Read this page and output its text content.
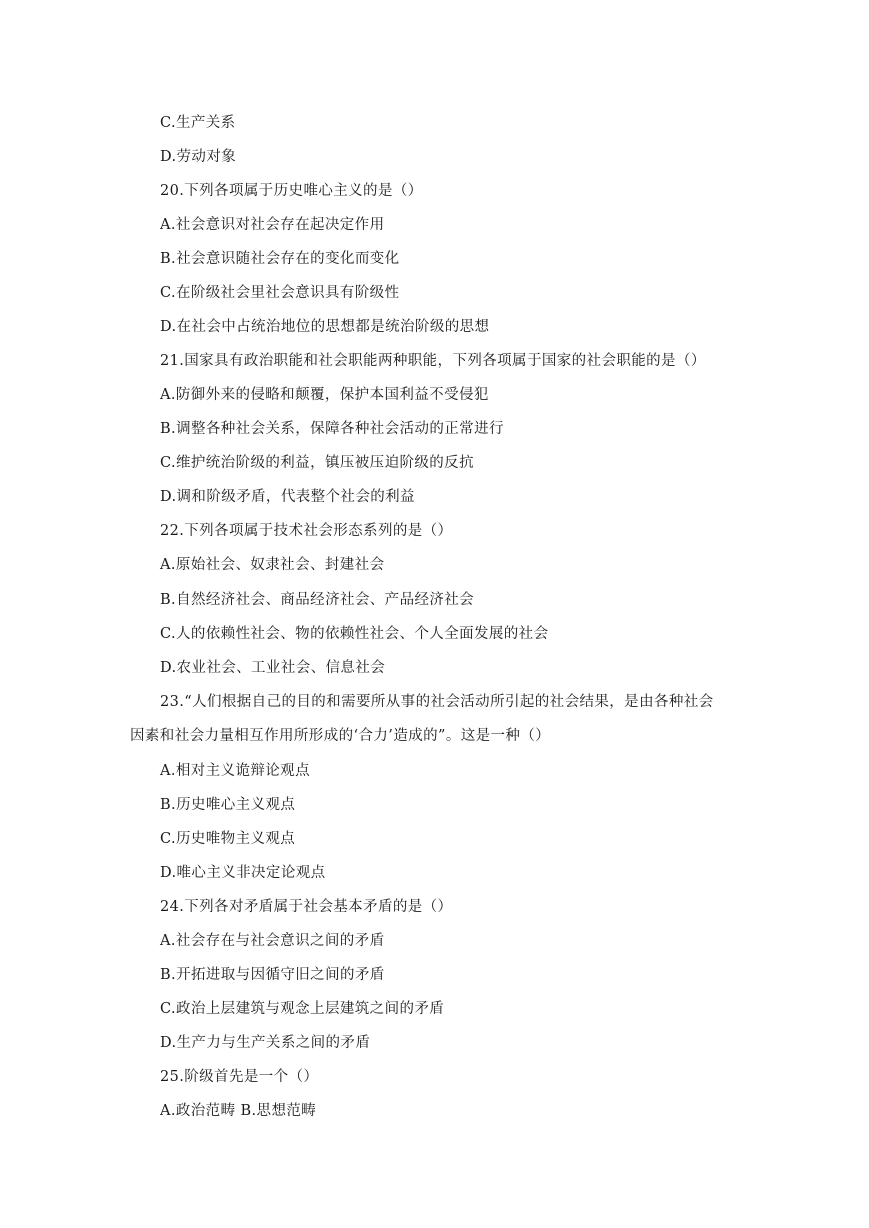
C.生产关系
D.劳动对象
20.下列各项属于历史唯心主义的是（）
A.社会意识对社会存在起决定作用
B.社会意识随社会存在的变化而变化
C.在阶级社会里社会意识具有阶级性
D.在社会中占统治地位的思想都是统治阶级的思想
21.国家具有政治职能和社会职能两种职能，下列各项属于国家的社会职能的是（）
A.防御外来的侵略和颠覆，保护本国利益不受侵犯
B.调整各种社会关系，保障各种社会活动的正常进行
C.维护统治阶级的利益，镇压被压迫阶级的反抗
D.调和阶级矛盾，代表整个社会的利益
22.下列各项属于技术社会形态系列的是（）
A.原始社会、奴隶社会、封建社会
B.自然经济社会、商品经济社会、产品经济社会
C.人的依赖性社会、物的依赖性社会、个人全面发展的社会
D.农业社会、工业社会、信息社会
23.“人们根据自己的目的和需要所从事的社会活动所引起的社会结果，是由各种社会
因素和社会力量相互作用所形成的‘合力’造成的”。这是一种（）
A.相对主义诡辩论观点
B.历史唯心主义观点
C.历史唯物主义观点
D.唯心主义非决定论观点
24.下列各对矛盾属于社会基本矛盾的是（）
A.社会存在与社会意识之间的矛盾
B.开拓进取与因循守旧之间的矛盾
C.政治上层建筑与观念上层建筑之间的矛盾
D.生产力与生产关系之间的矛盾
25.阶级首先是一个（）
A.政治范畴 B.思想范畴
